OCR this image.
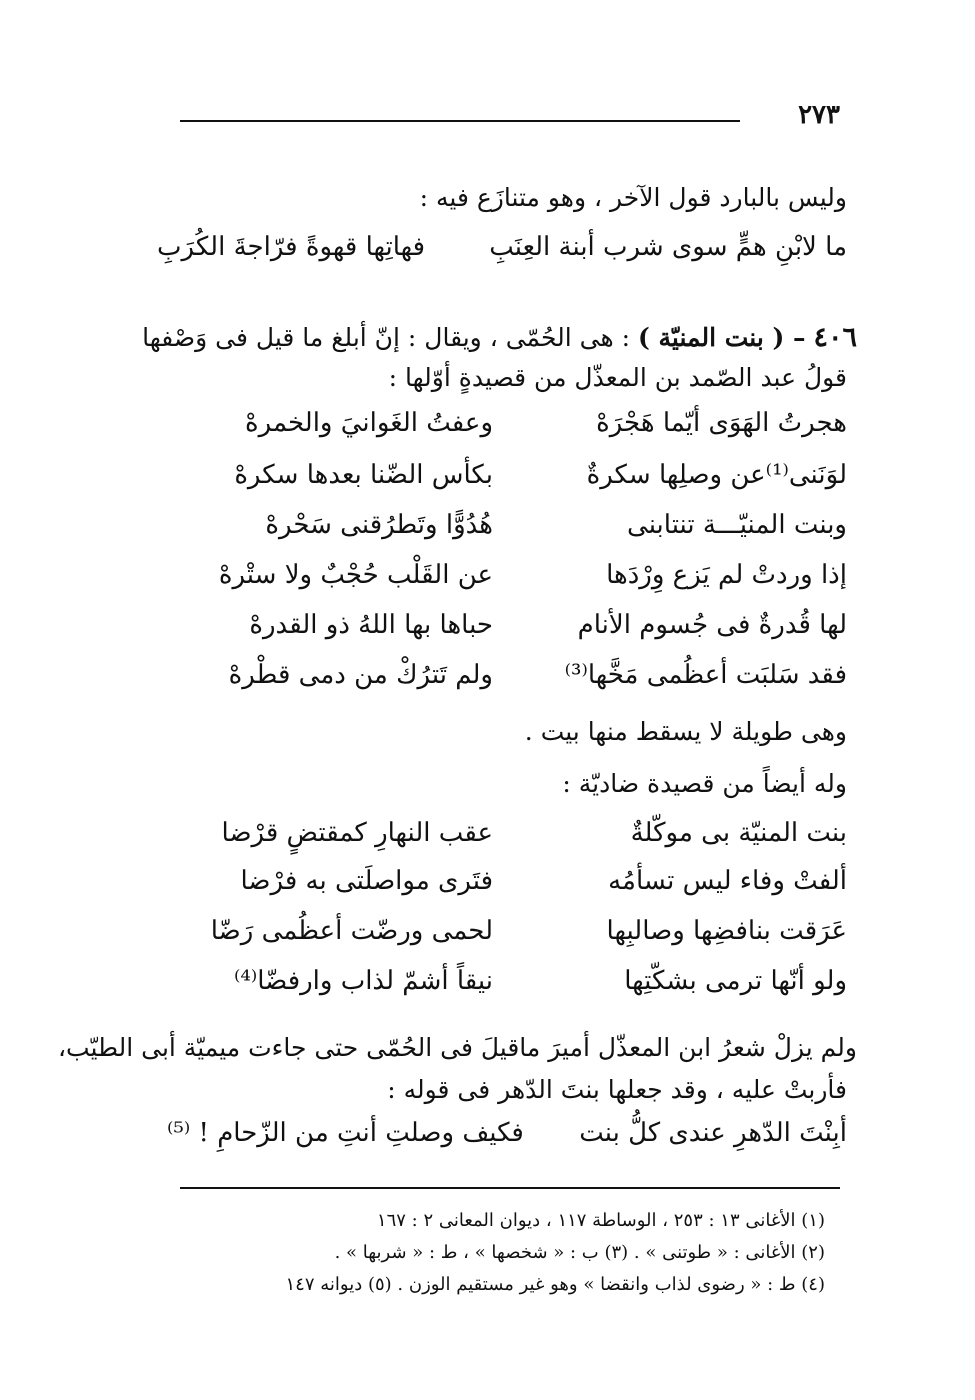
٢٧٣
وليس بالبارد قول الآخر ، وهو متنازَع فيه :
ما لابْنِ همٍّ سوى شرب أبنة العِنَبِ
فهاتِها قهوةً فرّاجةَ الكُرَبِ
٤٠٦ – ( بنت المنيّة ) : هى الحُمّى ، ويقال : إنّ أبلغ ما قيل فى وَصْفها
قولُ عبد الصّمد بن المعذّل من قصيدةٍ أوّلها :
هجرتُ الهَوَى أيّما هَجْرَهْ
وعفتُ الغَوانيَ والخمرهْ
لوَنَنى⁽¹⁾عن وصلِها سكرةٌ
بكأس الضّنا بعدها سكرهْ
وبنت المنيّـــة تنتابنى
هُدُوًّا وتَطرُقنى سَحْرهْ
إذا وردتْ لم يَزع وِرْدَها
عن القَلْب حُجْبٌ ولا ستْرهْ
لها قُدرةٌ فى جُسوم الأنام
حباها بها اللهُ ذو القدرهْ
فقد سَلبَت أعظُمى مَخَّها⁽³⁾
ولم تَترُكْ من دمى قطْرهْ
وهى طويلة لا يسقط منها بيت .
وله أيضاً من قصيدة ضاديّة :
بنت المنيّة بى موكّلةٌ
عقب النهارِ كمقتضٍ قرْضا
ألفتْ وفاء ليس تسأمُه
فتَرى مواصلَتى به فرْضا
عَرَقت بنافضِها وصالبِها
لحمى ورضّت أعظُمى رَضّا
ولو أنّها ترمى بشكّتِها
نيقاً أشمّ لذاب وارفضّا⁽⁴⁾
ولم يزلْ شعرُ ابن المعذّل أميرَ ماقيلَ فى الحُمّى حتى جاءت ميميّة أبى الطيّب،
فأربتْ عليه ، وقد جعلها بنتَ الدّهر فى قوله :
أبِنْتَ الدّهرِ عندى كلُّ بنت
فكيف وصلتِ أنتِ من الزّحامِ ! ⁽⁵⁾
(١) الأغانى ١٣ : ٢٥٣ ، الوساطة ١١٧ ، ديوان المعانى ٢ : ١٦٧
(٢) الأغانى : « طوتنى » . (٣) ب : « شخصها » ، ط : « شربها » .
(٤) ط : « رضوى لذاب وانقضا » وهو غير مستقيم الوزن . (٥) ديوانه ١٤٧
